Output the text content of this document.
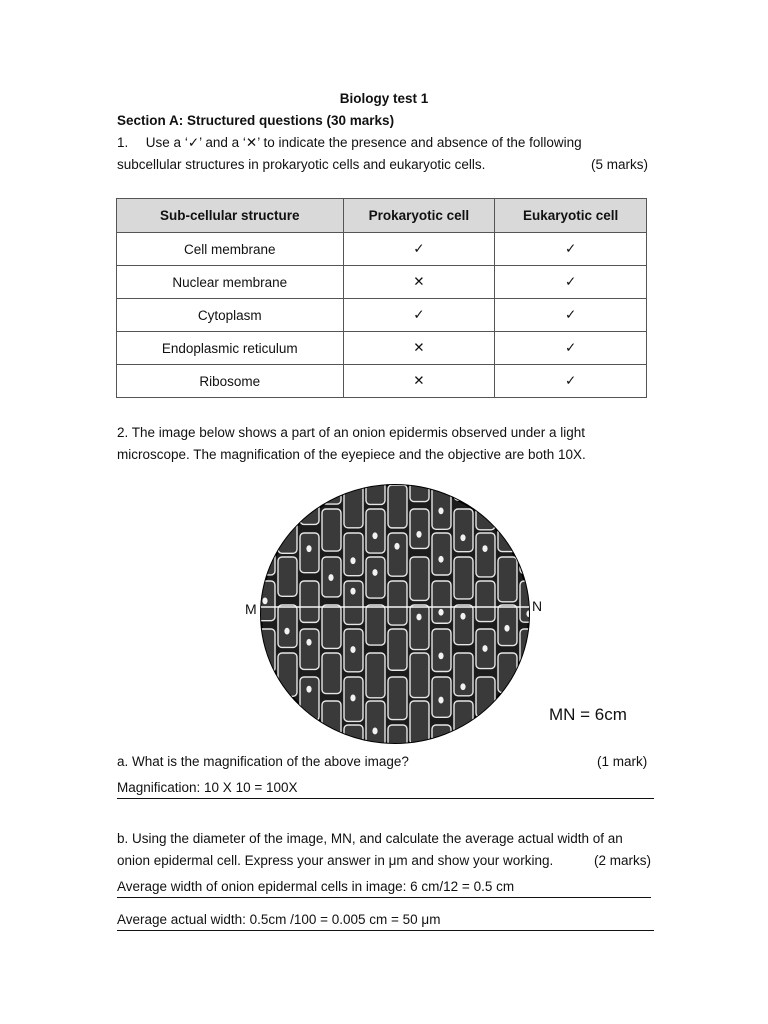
Biology test 1
Section A: Structured questions (30 marks)
1. Use a ‘✓’ and a ‘✕’ to indicate the presence and absence of the following
subcellular structures in prokaryotic cells and eukaryotic cells.	(5 marks)
Sub-cellular structure	Prokaryotic cell	Eukaryotic cell
Cell membrane	✓	✓
Nuclear membrane	✕	✓
Cytoplasm	✓	✓
Endoplasmic reticulum	✕	✓
Ribosome	✕	✓
2. The image below shows a part of an onion epidermis observed under a light
microscope. The magnification of the eyepiece and the objective are both 10X.
M	N
MN = 6cm
a. What is the magnification of the above image?	(1 mark)
Magnification: 10 X 10 = 100X
b. Using the diameter of the image, MN, and calculate the average actual width of an
onion epidermal cell. Express your answer in μm and show your working.	(2 marks)
Average width of onion epidermal cells in image: 6 cm/12 = 0.5 cm
Average actual width: 0.5cm /100 = 0.005 cm = 50 μm
